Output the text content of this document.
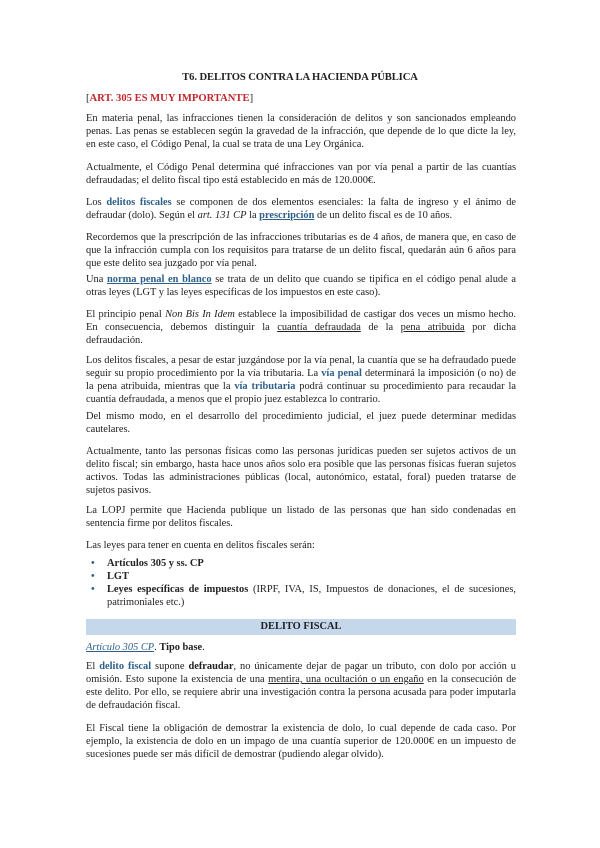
T6. DELITOS CONTRA LA HACIENDA PÚBLICA
[ART. 305 ES MUY IMPORTANTE]

En materia penal, las infracciones tienen la consideración de delitos y son sancionados empleando penas. Las penas se establecen según la gravedad de la infracción, que depende de lo que dicte la ley, en este caso, el Código Penal, la cual se trata de una Ley Orgánica.

Actualmente, el Código Penal determina qué infracciones van por vía penal a partir de las cuantías defraudadas; el delito fiscal tipo está establecido en más de 120.000€.

Los delitos fiscales se componen de dos elementos esenciales: la falta de ingreso y el ánimo de defraudar (dolo). Según el art. 131 CP la prescripción de un delito fiscal es de 10 años.

Recordemos que la prescripción de las infracciones tributarias es de 4 años, de manera que, en caso de que la infracción cumpla con los requisitos para tratarse de un delito fiscal, quedarán aún 6 años para que este delito sea juzgado por vía penal.

Una norma penal en blanco se trata de un delito que cuando se tipifica en el código penal alude a otras leyes (LGT y las leyes específicas de los impuestos en este caso).

El principio penal Non Bis In Idem establece la imposibilidad de castigar dos veces un mismo hecho. En consecuencia, debemos distinguir la cuantía defraudada de la pena atribuida por dicha defraudación.

Los delitos fiscales, a pesar de estar juzgándose por la vía penal, la cuantía que se ha defraudado puede seguir su propio procedimiento por la vía tributaria. La vía penal determinará la imposición (o no) de la pena atribuida, mientras que la vía tributaria podrá continuar su procedimiento para recaudar la cuantía defraudada, a menos que el propio juez establezca lo contrario.

Del mismo modo, en el desarrollo del procedimiento judicial, el juez puede determinar medidas cautelares.

Actualmente, tanto las personas físicas como las personas jurídicas pueden ser sujetos activos de un delito fiscal; sin embargo, hasta hace unos años solo era posible que las personas físicas fueran sujetos activos. Todas las administraciones públicas (local, autonómico, estatal, foral) pueden tratarse de sujetos pasivos.

La LOPJ permite que Hacienda publique un listado de las personas que han sido condenadas en sentencia firme por delitos fiscales.

Las leyes para tener en cuenta en delitos fiscales serán:

• Artículos 305 y ss. CP
• LGT
• Leyes específicas de impuestos (IRPF, IVA, IS, Impuestos de donaciones, el de sucesiones, patrimoniales etc.)
DELITO FISCAL
Artículo 305 CP. Tipo base.

El delito fiscal supone defraudar, no únicamente dejar de pagar un tributo, con dolo por acción u omisión. Esto supone la existencia de una mentira, una ocultación o un engaño en la consecución de este delito. Por ello, se requiere abrir una investigación contra la persona acusada para poder imputarla de defraudación fiscal.

El Fiscal tiene la obligación de demostrar la existencia de dolo, lo cual depende de cada caso. Por ejemplo, la existencia de dolo en un impago de una cuantía superior de 120.000€ en un impuesto de sucesiones puede ser más difícil de demostrar (pudiendo alegar olvido).
